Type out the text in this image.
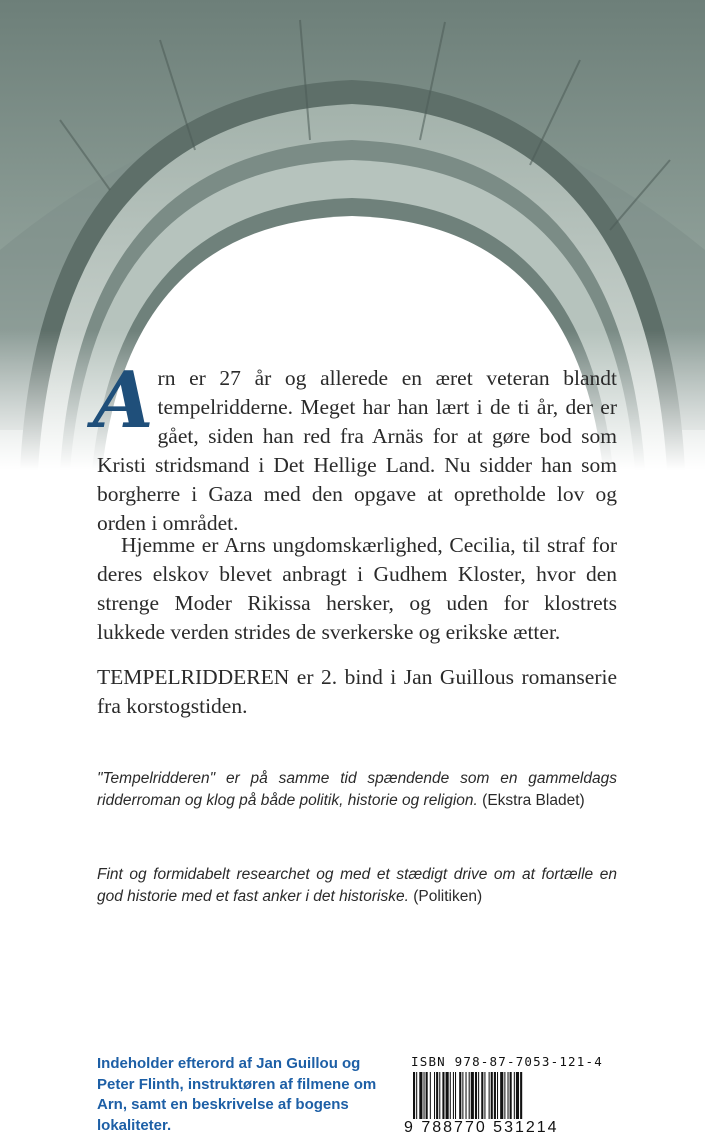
Arn er 27 år og allerede en æret veteran blandt tempelridderne. Meget har han lært i de ti år, der er gået, siden han red fra Arnäs for at gøre bod som Kristi stridsmand i Det Hellige Land. Nu sidder han som borgherre i Gaza med den opgave at opretholde lov og orden i området.
Hjemme er Arns ungdomskærlighed, Cecilia, til straf for deres elskov blevet anbragt i Gudhem Kloster, hvor den strenge Moder Rikissa hersker, og uden for klostrets lukkede verden strides de sverkerske og erikske ætter.
TEMPELRIDDEREN er 2. bind i Jan Guillous romanserie fra korstogstiden.
"Tempelridderen" er på samme tid spændende som en gammeldags ridderroman og klog på både politik, historie og religion. (Ekstra Bladet)
Fint og formidabelt researchet og med et stædigt drive om at fortælle en god historie med et fast anker i det historiske. (Politiken)
Indeholder efterord af Jan Guillou og Peter Flinth, instruktøren af filmene om Arn, samt en beskrivelse af bogens lokaliteter.
ISBN 978-87-7053-121-4
9 788770 531214
